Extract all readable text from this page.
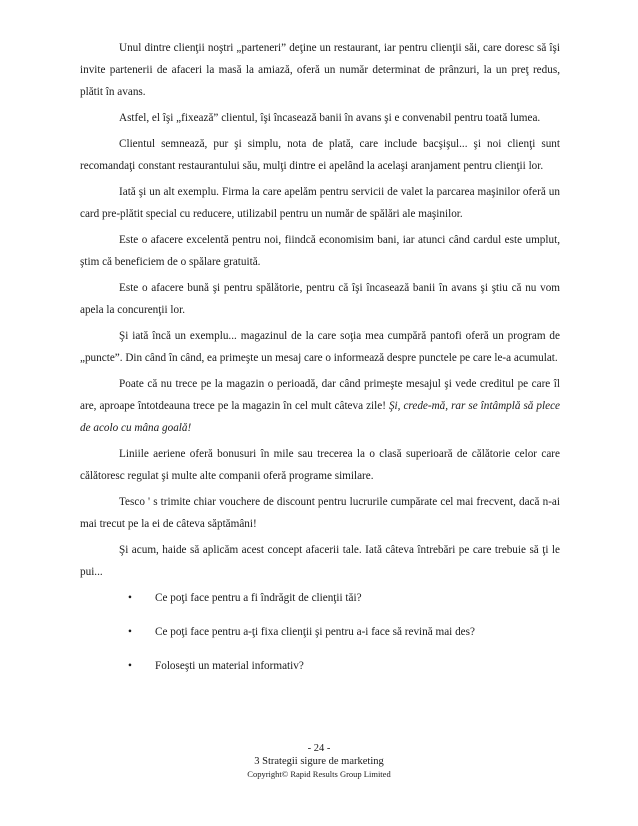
Unul dintre clienţii noştri „parteneri” deţine un restaurant, iar pentru clienţii săi, care doresc să îşi invite partenerii de afaceri la masă la amiază, oferă un număr determinat de prânzuri, la un preţ redus, plătit în avans.

Astfel, el îşi „fixează” clientul, îşi încasează banii în avans şi e convenabil pentru toată lumea.

Clientul semnează, pur şi simplu, nota de plată, care include bacşişul... şi noi clienţi sunt recomandaţi constant restaurantului său, mulţi dintre ei apelând la acelaşi aranjament pentru clienţii lor.

Iată şi un alt exemplu. Firma la care apelăm pentru servicii de valet la parcarea maşinilor oferă un card pre-plătit special cu reducere, utilizabil pentru un număr de spălări ale maşinilor.

Este o afacere excelentă pentru noi, fiindcă economisim bani, iar atunci când cardul este umplut, ştim că beneficiem de o spălare gratuită.

Este o afacere bună şi pentru spălătorie, pentru că îşi încasează banii în avans şi ştiu că nu vom apela la concurenţii lor.

Şi iată încă un exemplu... magazinul de la care soţia mea cumpără pantofi oferă un program de „puncte”. Din când în când, ea primeşte un mesaj care o informează despre punctele pe care le-a acumulat.

Poate că nu trece pe la magazin o perioadă, dar când primeşte mesajul şi vede creditul pe care îl are, aproape întotdeauna trece pe la magazin în cel mult câteva zile! Şi, crede-mă, rar se întâmplă să plece de acolo cu mâna goală!

Liniile aeriene oferă bonusuri în mile sau trecerea la o clasă superioară de călătorie celor care călătoresc regulat şi multe alte companii oferă programe similare.

Tesco ' s trimite chiar vouchere de discount pentru lucrurile cumpărate cel mai frecvent, dacă n-ai mai trecut pe la ei de câteva săptămâni!

Şi acum, haide să aplicăm acest concept afacerii tale. Iată câteva întrebări pe care trebuie să ţi le pui...

• Ce poţi face pentru a fi îndrăgit de clienţii tăi?
• Ce poţi face pentru a-ţi fixa clienţii şi pentru a-i face să revină mai des?
• Foloseşti un material informativ?
- 24 -
3 Strategii sigure de marketing
Copyright© Rapid Results Group Limited
